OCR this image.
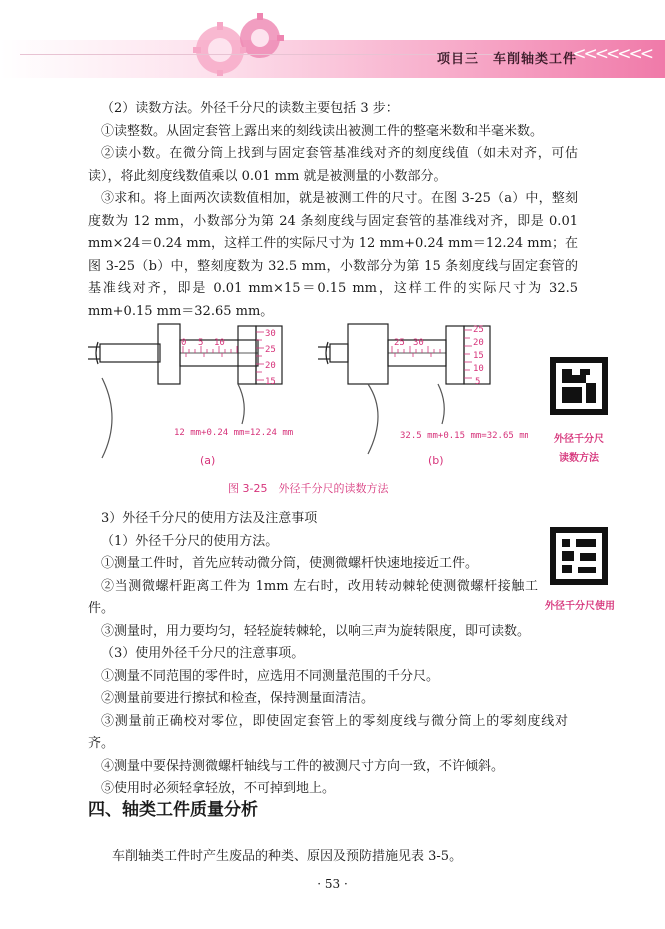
项目三　车削轴类工件
<<<<<<<

（2）读数方法。外径千分尺的读数主要包括 3 步：

①读整数。从固定套管上露出来的刻线读出被测工件的整毫米数和半毫米数。

②读小数。在微分筒上找到与固定套管基准线对齐的刻度线值（如未对齐，可估读），将此刻度线数值乘以 0.01 mm 就是被测量的小数部分。

③求和。将上面两次读数值相加，就是被测工件的尺寸。在图 3-25（a）中，整刻度数为 12 mm，小数部分为第 24 条刻度线与固定套管的基准线对齐，即是 0.01 mm×24＝0.24 mm，这样工件的实际尺寸为 12 mm+0.24 mm＝12.24 mm；在图 3-25（b）中，整刻度数为 32.5 mm，小数部分为第 15 条刻度线与固定套管的基准线对齐，即是 0.01 mm×15＝0.15 mm，这样工件的实际尺寸为 32.5 mm+0.15 mm＝32.65 mm。

0 5 10
30
25
20
15
12 mm+0.24 mm=12.24 mm
25 30
25
20
15
10
5
32.5 mm+0.15 mm=32.65 mm
(a)	(b)
图 3-25　外径千分尺的读数方法
外径千分尺
读数方法

3）外径千分尺的使用方法及注意事项

（1）外径千分尺的使用方法。

①测量工件时，首先应转动微分筒，使测微螺杆快速地接近工件。

②当测微螺杆距离工件为 1mm 左右时，改用转动棘轮使测微螺杆接触工件。

③测量时，用力要均匀，轻轻旋转棘轮，以响三声为旋转限度，即可读数。

（3）使用外径千分尺的注意事项。

①测量不同范围的零件时，应选用不同测量范围的千分尺。

②测量前要进行擦拭和检查，保持测量面清洁。

③测量前正确校对零位，即使固定套管上的零刻度线与微分筒上的零刻度线对齐。

④测量中要保持测微螺杆轴线与工件的被测尺寸方向一致，不许倾斜。

⑤使用时必须轻拿轻放，不可掉到地上。

外径千分尺使用
四、轴类工件质量分析
车削轴类工件时产生废品的种类、原因及预防措施见表 3-5。
· 53 ·
